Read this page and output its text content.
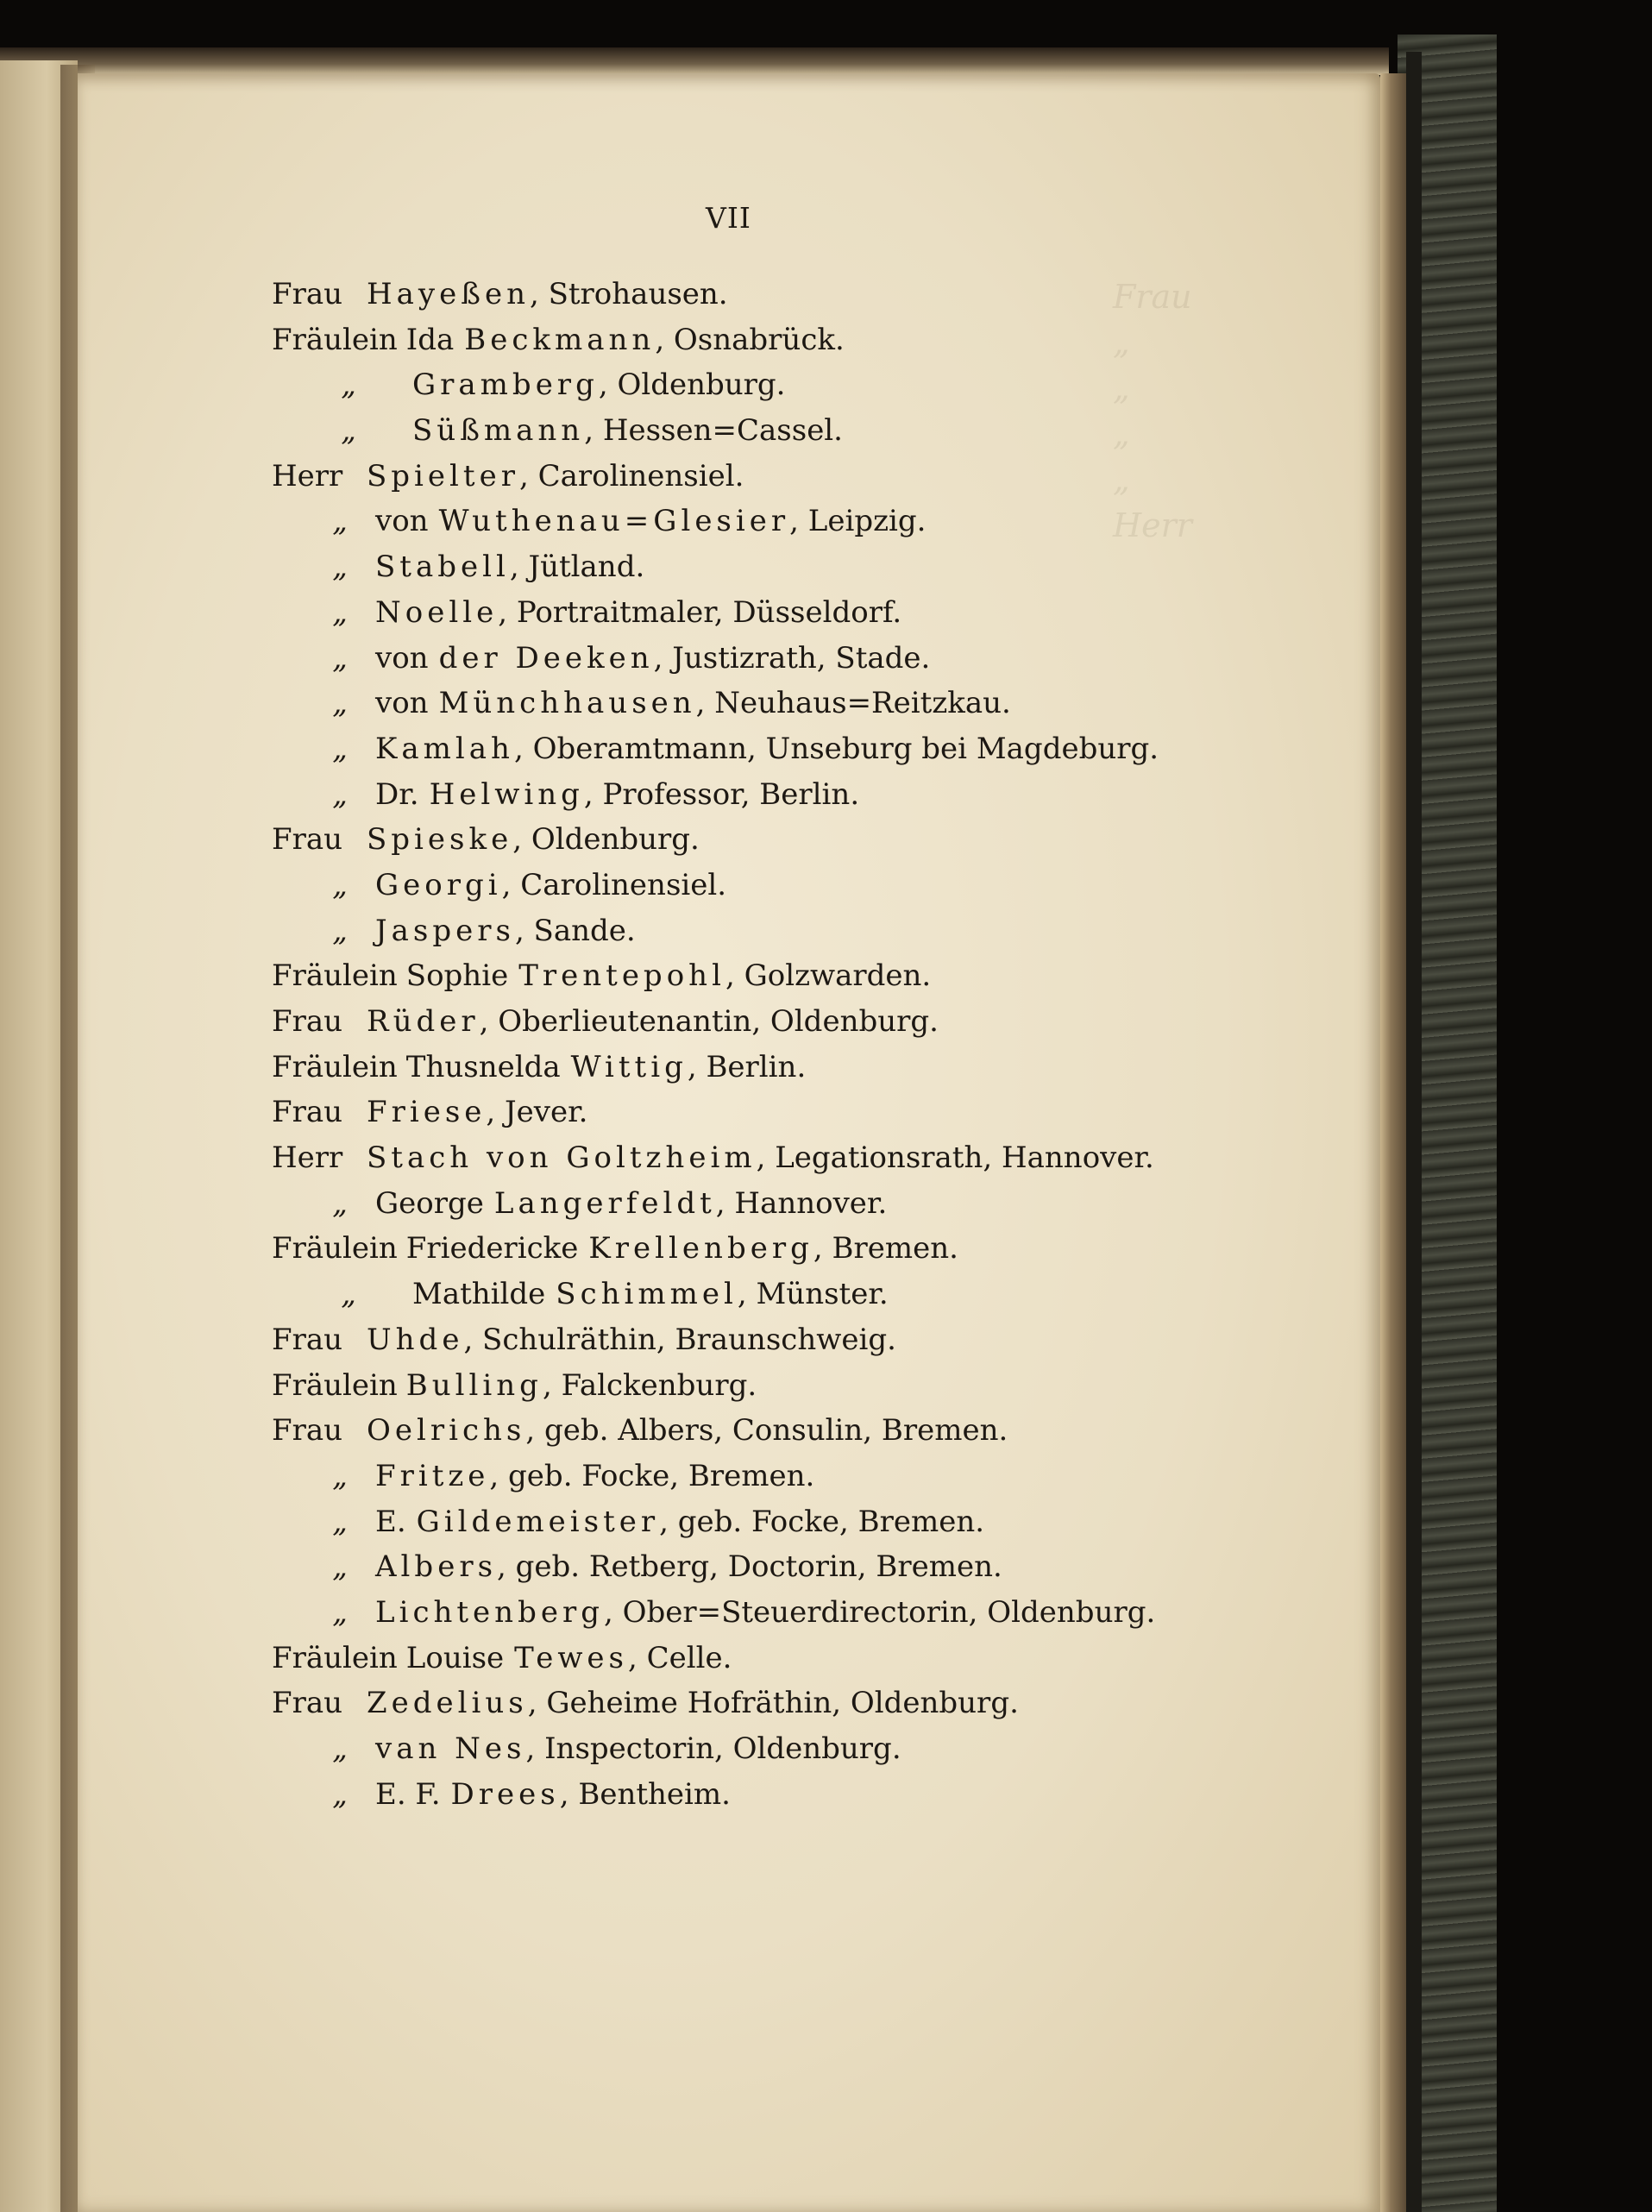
Frau
„
„
„
„
Herr
VII
Frau Hayeßen, Strohausen.
Fräulein Ida Beckmann, Osnabrück.
„ Gramberg, Oldenburg.
„ Süßmann, Hessen=Cassel.
Herr Spielter, Carolinensiel.
„ von Wuthenau=Glesier, Leipzig.
„ Stabell, Jütland.
„ Noelle, Portraitmaler, Düsseldorf.
„ von der Deeken, Justizrath, Stade.
„ von Münchhausen, Neuhaus=Reitzkau.
„ Kamlah, Oberamtmann, Unseburg bei Magdeburg.
„ Dr. Helwing, Professor, Berlin.
Frau Spieske, Oldenburg.
„ Georgi, Carolinensiel.
„ Jaspers, Sande.
Fräulein Sophie Trentepohl, Golzwarden.
Frau Rüder, Oberlieutenantin, Oldenburg.
Fräulein Thusnelda Wittig, Berlin.
Frau Friese, Jever.
Herr Stach von Goltzheim, Legationsrath, Hannover.
„ George Langerfeldt, Hannover.
Fräulein Friedericke Krellenberg, Bremen.
„ Mathilde Schimmel, Münster.
Frau Uhde, Schulräthin, Braunschweig.
Fräulein Bulling, Falckenburg.
Frau Oelrichs, geb. Albers, Consulin, Bremen.
„ Fritze, geb. Focke, Bremen.
„ E. Gildemeister, geb. Focke, Bremen.
„ Albers, geb. Retberg, Doctorin, Bremen.
„ Lichtenberg, Ober=Steuerdirectorin, Oldenburg.
Fräulein Louise Tewes, Celle.
Frau Zedelius, Geheime Hofräthin, Oldenburg.
„ van Nes, Inspectorin, Oldenburg.
„ E. F. Drees, Bentheim.
